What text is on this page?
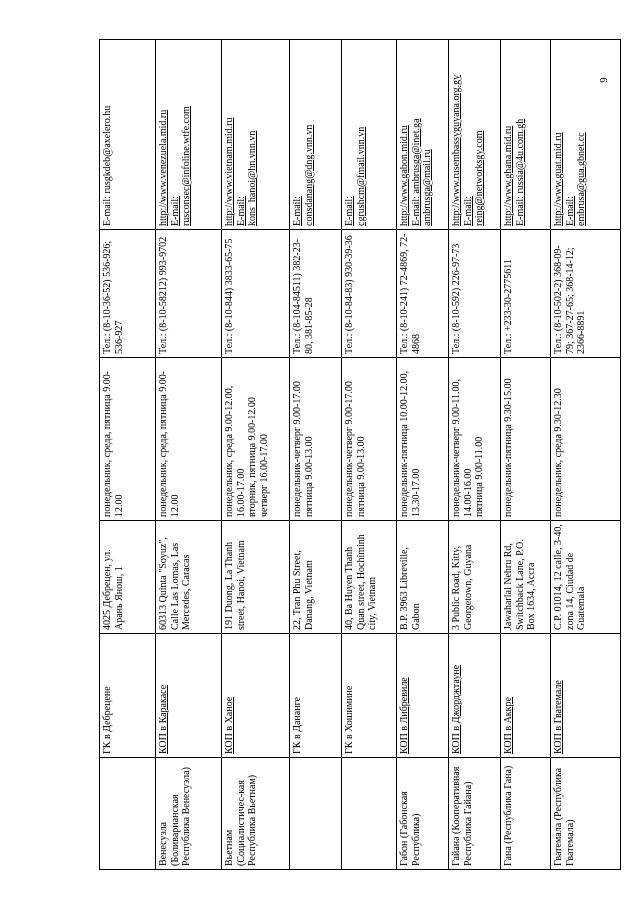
6
	ГК в Дебрецене	4025 Дебрецен, ул. Арань Янош, 1	понедельник, среда, пятница 9.00-12.00	Тел.: (8-10-36-52) 536-926; 536-927	E-mail: rusgkdeb@axelero.hu
Венесуэла (Боливарианская Республика Венесуэла)	КОП в Каракасе	60313 Quinta "Soyuz", Calle Las Lomas, Las Mercedes, Caracas	понедельник, среда, пятница 9.00-12.00	Тел.: (8-10-58212) 993-9702	http://www.venezuela.mid.ru
E-mail:
rusconsec@infoline.wtfe.com
Вьетнам (Социалистичес-кая Республика Вьетнам)	КОП в Ханое	191 Duong, La Thanh street, Hanoi, Vietnam	понедельник, среда 9.00-12.00, 16.00-17.00
вторник, пятница 9.00-12.00
четверг 16.00-17.00	Тел.: (8-10-844) 3833-65-75	http://www.vietnam.mid.ru
E-mail:
kons_hanoi@hn.vnn.vn
	ГК в Дананге	22, Tran Phu Street, Danang, Vietnam	понедельник-четверг 9.00-17.00
пятница 9.00-13.00	Тел.: (8-104-84511) 382-23-80, 381-85-28	E-mail:
consdanang@dng.vnn.vn
	ГК в Хошимине	40, Ba Huyen Thanh Quan street, Hochiminh city, Vietnam	понедельник-четверг 9.00-17.00
пятница 9.00-13.00	Тел.: (8-10-84-83) 930-39-36	E-mail:
cgrushcm@fmail.vnn.vn
Габон (Габонская Республика)	КОП в Либревиле	B.P. 3963 Libreville, Gabon	понедельник-пятница 10.00-12.00, 13.30-17.00	Тел.: (8-10-241) 72-4869, 72-4868	http://www.gabon.mid.ru
E-mail: ambrusga@inet.ga
ambrusga@mail.ru
Гайана (Кооперативная Республика Гайана)	КОП в Джорджтауне	3 Public Road, Kitty, Georgetown, Guyana	понедельник-четверг 9.00-11.00, 14.00-16.00
пятница 9.00-11.00	Тел.: (8-10-592) 226-97-73	http://www.rusembassyguyana.org.gy
E-mail:
reing@networksgy.com
Гана (Республика Гана)	КОП в Аккре	Jawaharlal Nehru Rd, Switchback Lane, P.O. Box 1634, Accra	понедельник-пятница 9.30-15.00	Тел.: +233-30-2775611	http://www.ghana.mid.ru
E-mail: russia@4u.com.gh
Гватемала (Республика Гватемала)	КОП в Гватемале	C.P. 01014, 12 calle, 3-40, zona 14, Ciudad de Guatemala	понедельник, среда 9.30-12.30	Тел.: (8-10-502-2) 368-09-79; 367-27-65; 368-14-12; 2366-8891	http://www.guat.mid.ru
E-mail:
embrusa@gua.gbnet.cc
